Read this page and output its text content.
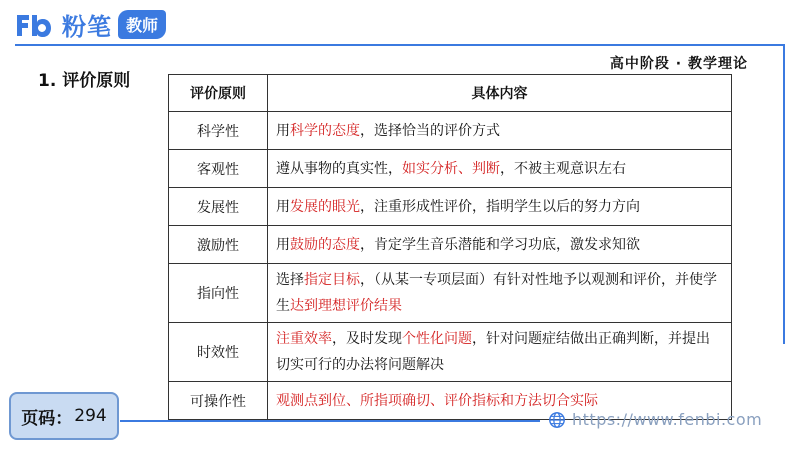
粉笔 教师
高中阶段 · 教学理论
1. 评价原则
评价原则	具体内容
科学性	用科学的态度，选择恰当的评价方式
客观性	遵从事物的真实性，如实分析、判断，不被主观意识左右
发展性	用发展的眼光，注重形成性评价，指明学生以后的努力方向
激励性	用鼓励的态度，肯定学生音乐潜能和学习功底，激发求知欲
指向性	选择指定目标，（从某一专项层面）有针对性地予以观测和评价，并使学生达到理想评价结果
时效性	注重效率，及时发现个性化问题，针对问题症结做出正确判断，并提出切实可行的办法将问题解决
可操作性	观测点到位、所指项确切、评价指标和方法切合实际
页码： 294	https://www.fenbi.com
